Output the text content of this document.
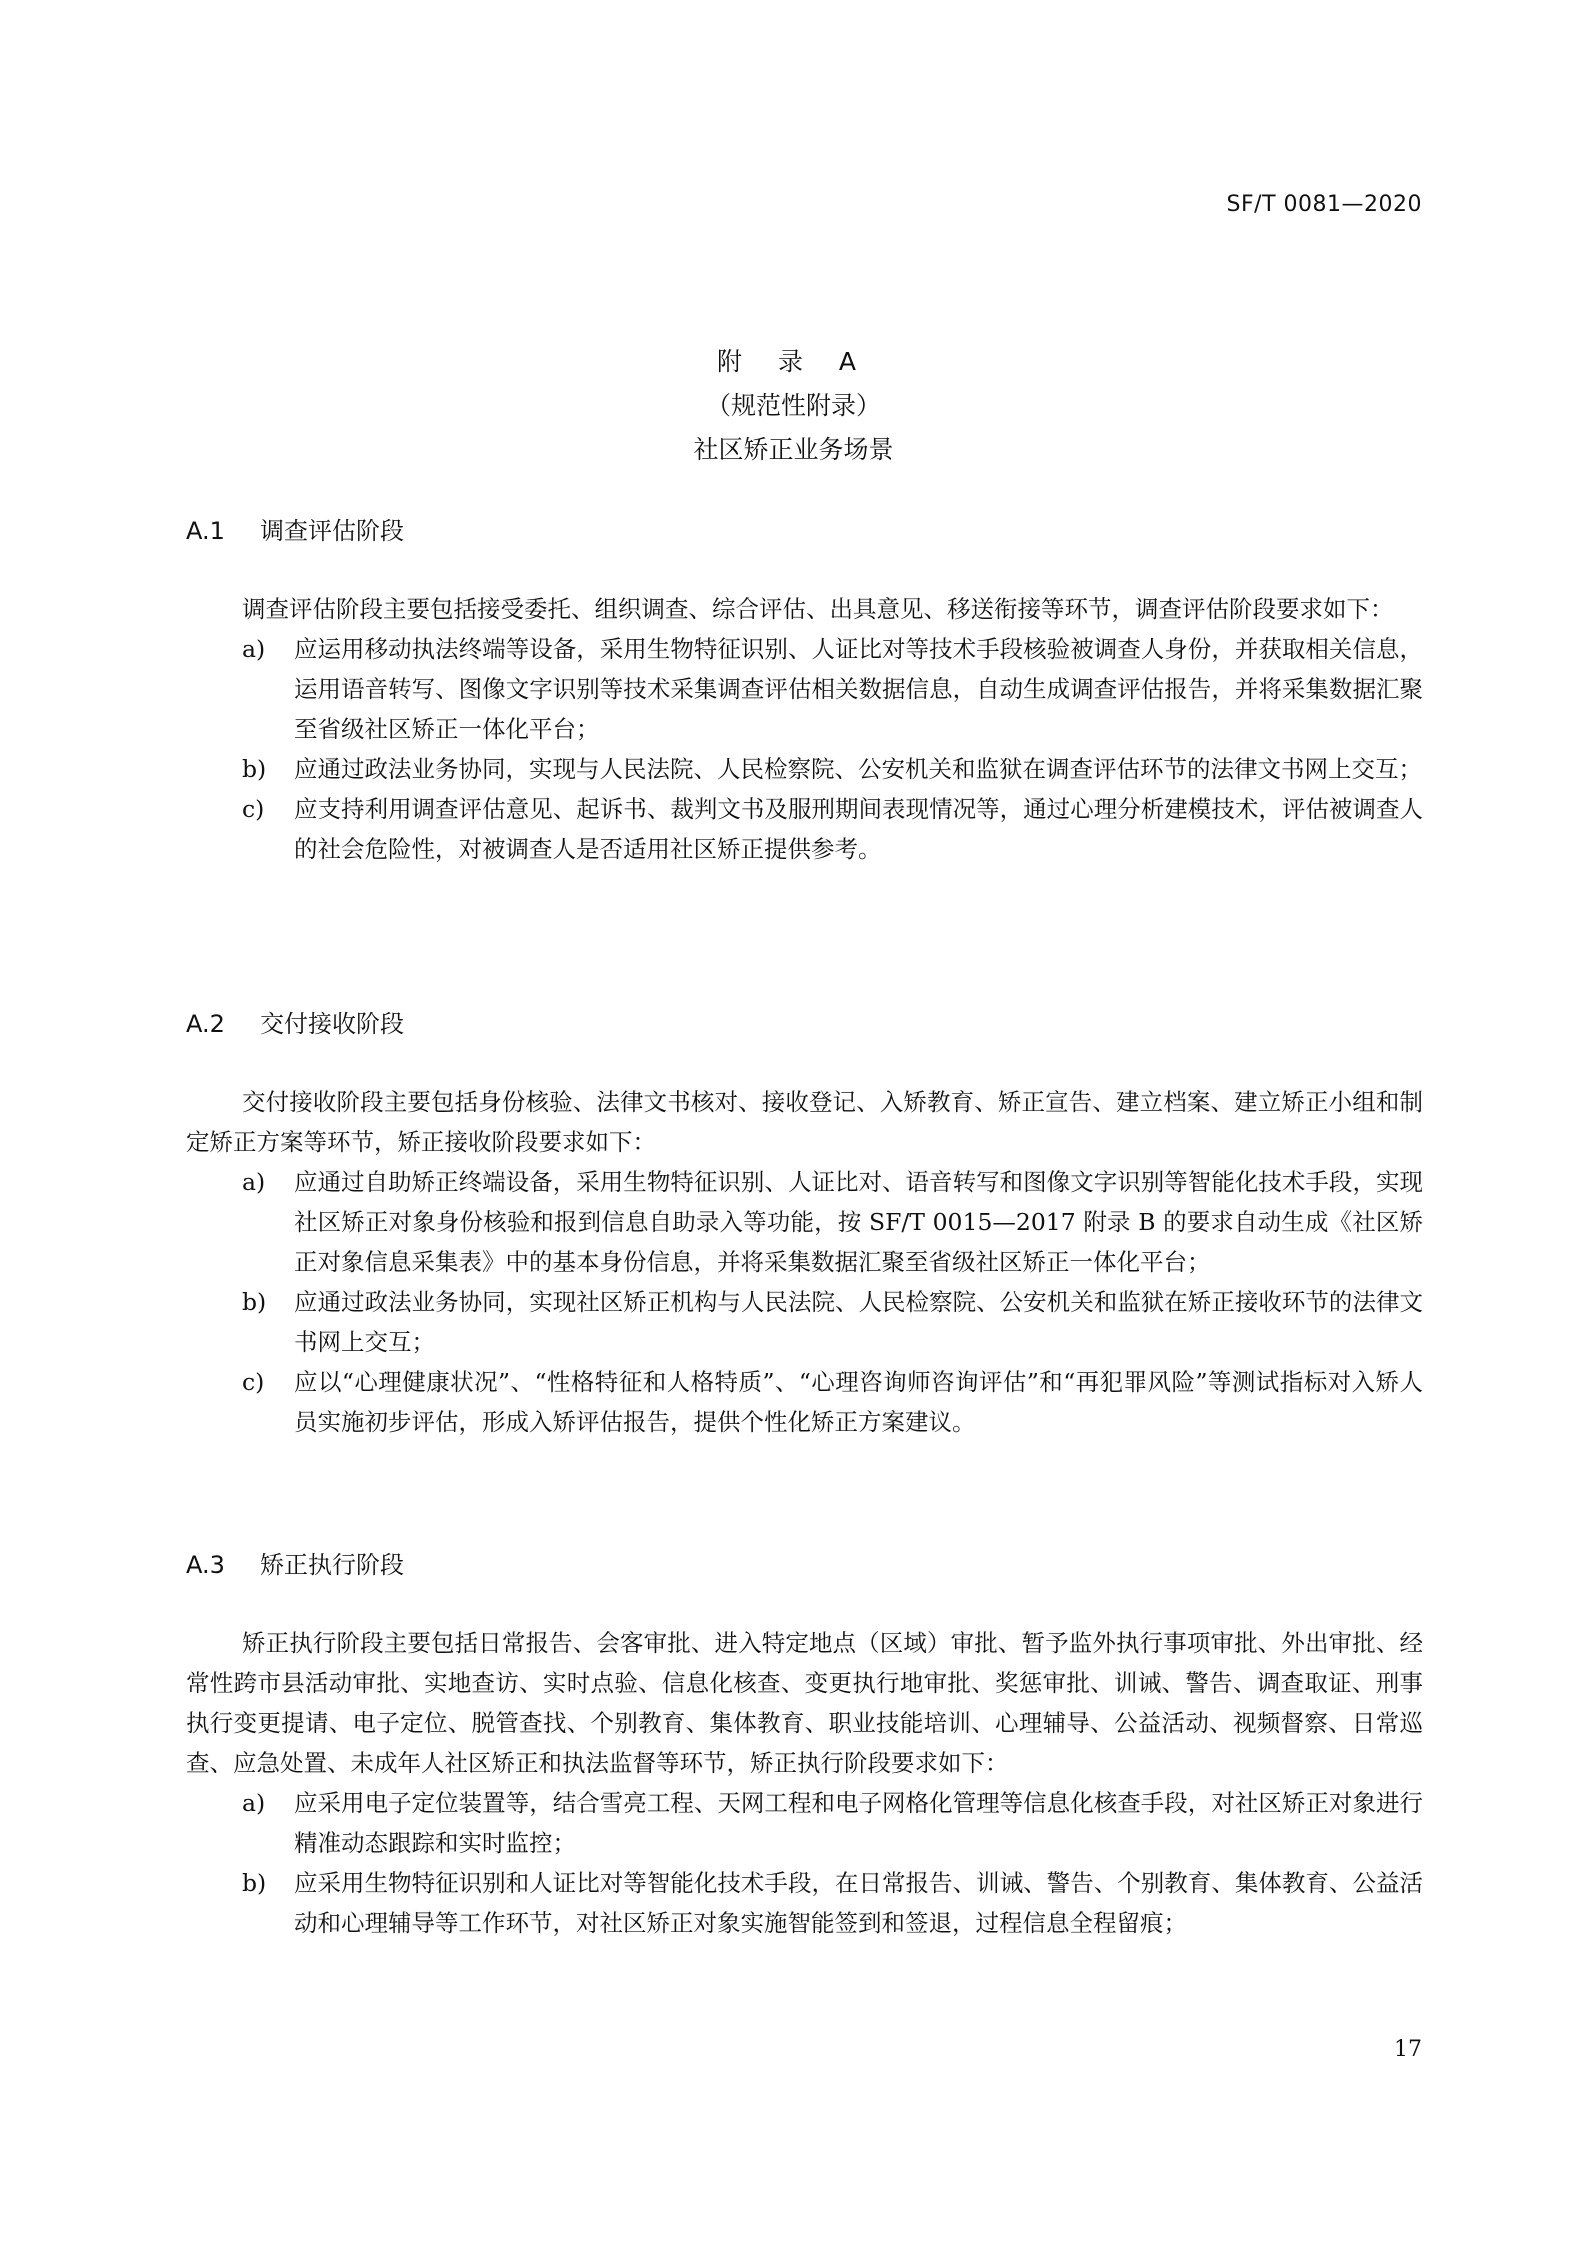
SF/T 0081—2020
附 录 A
（规范性附录）
社区矫正业务场景
A.1 调查评估阶段
调查评估阶段主要包括接受委托、组织调查、综合评估、出具意见、移送衔接等环节，调查评估阶段要求如下：
a) 应运用移动执法终端等设备，采用生物特征识别、人证比对等技术手段核验被调查人身份，并获取相关信息，运用语音转写、图像文字识别等技术采集调查评估相关数据信息，自动生成调查评估报告，并将采集数据汇聚至省级社区矫正一体化平台；
b) 应通过政法业务协同，实现与人民法院、人民检察院、公安机关和监狱在调查评估环节的法律文书网上交互；
c) 应支持利用调查评估意见、起诉书、裁判文书及服刑期间表现情况等，通过心理分析建模技术，评估被调查人的社会危险性，对被调查人是否适用社区矫正提供参考。
A.2 交付接收阶段
交付接收阶段主要包括身份核验、法律文书核对、接收登记、入矫教育、矫正宣告、建立档案、建立矫正小组和制定矫正方案等环节，矫正接收阶段要求如下：
a) 应通过自助矫正终端设备，采用生物特征识别、人证比对、语音转写和图像文字识别等智能化技术手段，实现社区矫正对象身份核验和报到信息自助录入等功能，按 SF/T 0015—2017 附录 B 的要求自动生成《社区矫正对象信息采集表》中的基本身份信息，并将采集数据汇聚至省级社区矫正一体化平台；
b) 应通过政法业务协同，实现社区矫正机构与人民法院、人民检察院、公安机关和监狱在矫正接收环节的法律文书网上交互；
c) 应以“心理健康状况”、“性格特征和人格特质”、“心理咨询师咨询评估”和“再犯罪风险”等测试指标对入矫人员实施初步评估，形成入矫评估报告，提供个性化矫正方案建议。
A.3 矫正执行阶段
矫正执行阶段主要包括日常报告、会客审批、进入特定地点（区域）审批、暂予监外执行事项审批、外出审批、经常性跨市县活动审批、实地查访、实时点验、信息化核查、变更执行地审批、奖惩审批、训诫、警告、调查取证、刑事执行变更提请、电子定位、脱管查找、个别教育、集体教育、职业技能培训、心理辅导、公益活动、视频督察、日常巡查、应急处置、未成年人社区矫正和执法监督等环节，矫正执行阶段要求如下：
a) 应采用电子定位装置等，结合雪亮工程、天网工程和电子网格化管理等信息化核查手段，对社区矫正对象进行精准动态跟踪和实时监控；
b) 应采用生物特征识别和人证比对等智能化技术手段，在日常报告、训诫、警告、个别教育、集体教育、公益活动和心理辅导等工作环节，对社区矫正对象实施智能签到和签退，过程信息全程留痕；
17
